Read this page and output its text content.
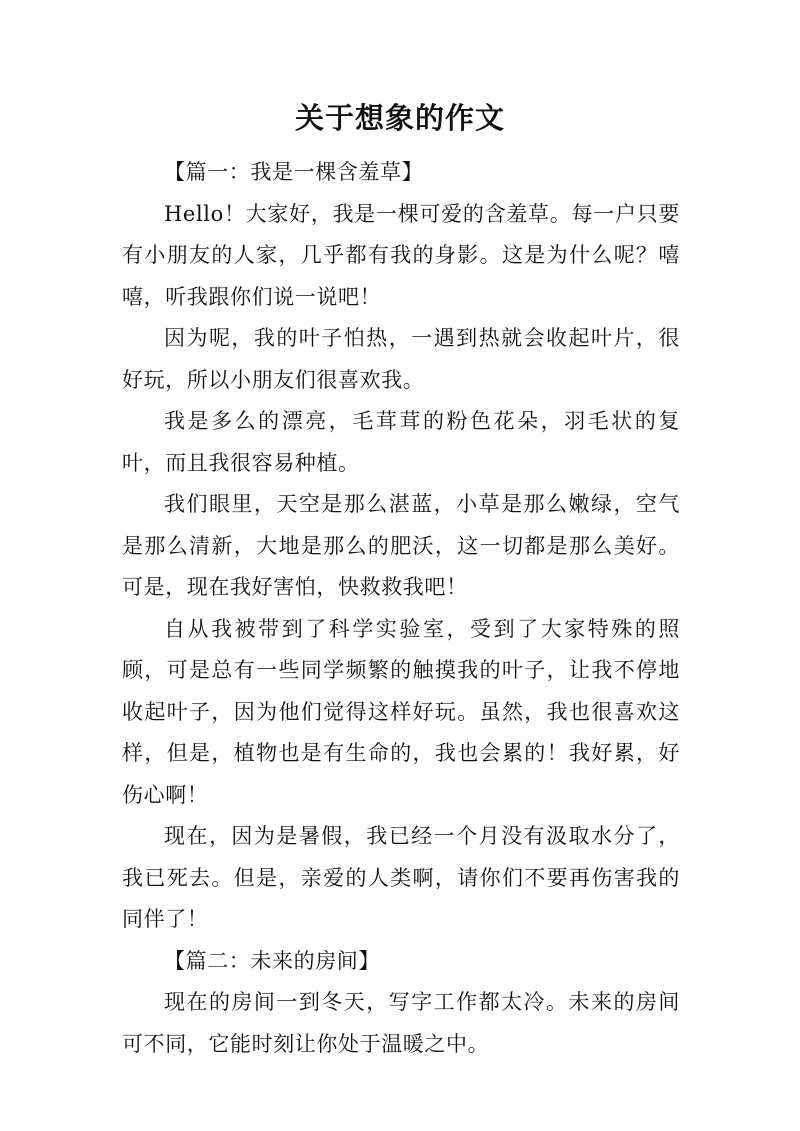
关于想象的作文

【篇一：我是一棵含羞草】

Hello！大家好，我是一棵可爱的含羞草。每一户只要有小朋友的人家，几乎都有我的身影。这是为什么呢？嘻嘻，听我跟你们说一说吧！

因为呢，我的叶子怕热，一遇到热就会收起叶片，很好玩，所以小朋友们很喜欢我。

我是多么的漂亮，毛茸茸的粉色花朵，羽毛状的复叶，而且我很容易种植。

我们眼里，天空是那么湛蓝，小草是那么嫩绿，空气是那么清新，大地是那么的肥沃，这一切都是那么美好。可是，现在我好害怕，快救救我吧！

自从我被带到了科学实验室，受到了大家特殊的照顾，可是总有一些同学频繁的触摸我的叶子，让我不停地收起叶子，因为他们觉得这样好玩。虽然，我也很喜欢这样，但是，植物也是有生命的，我也会累的！我好累，好伤心啊！

现在，因为是暑假，我已经一个月没有汲取水分了，我已死去。但是，亲爱的人类啊，请你们不要再伤害我的同伴了！

【篇二：未来的房间】

现在的房间一到冬天，写字工作都太冷。未来的房间可不同，它能时刻让你处于温暖之中。
